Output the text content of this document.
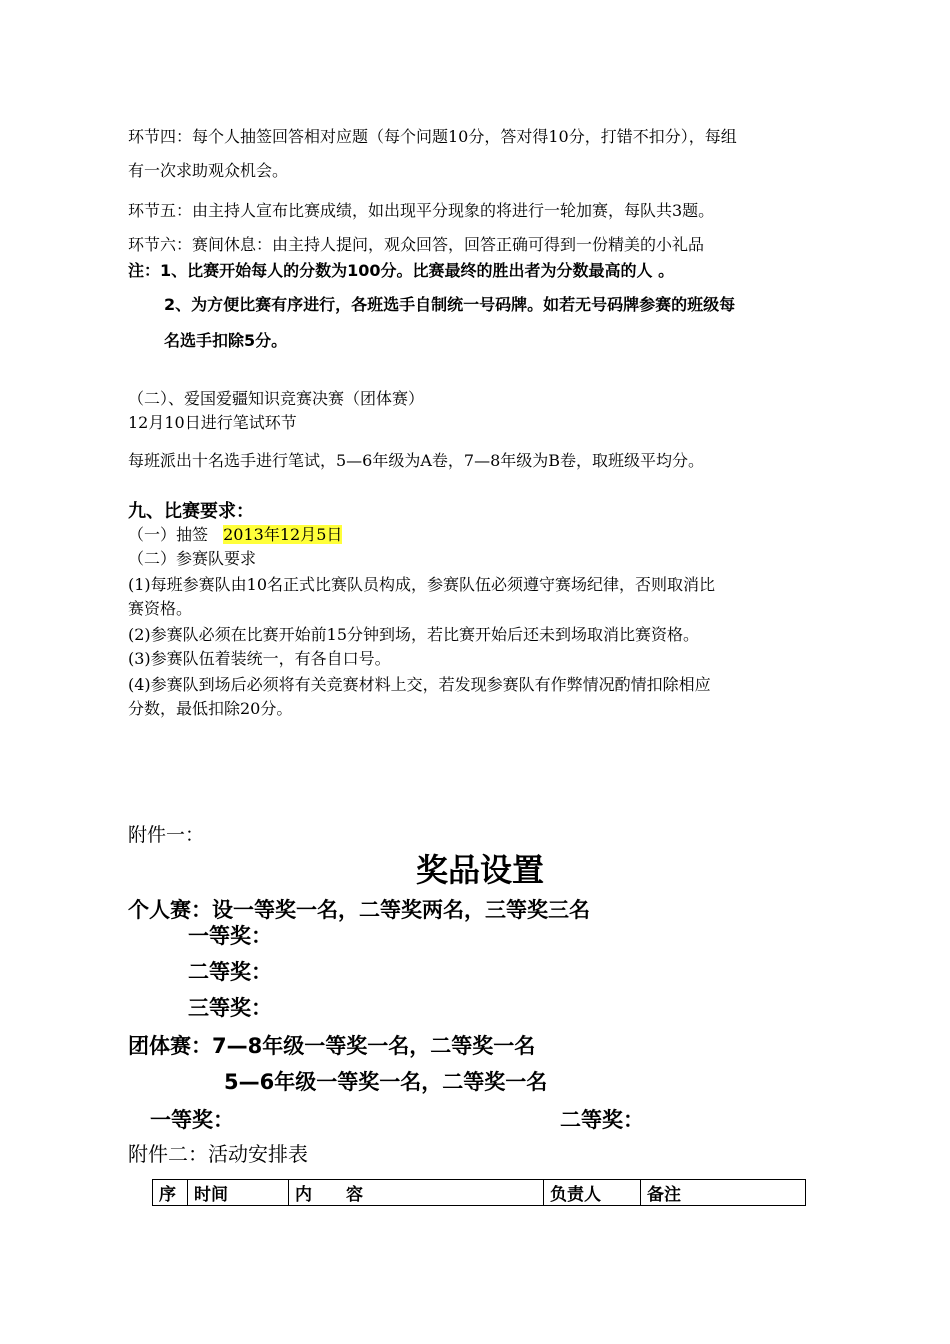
环节四：每个人抽签回答相对应题（每个问题10分，答对得10分，打错不扣分），每组
有一次求助观众机会。
环节五：由主持人宣布比赛成绩，如出现平分现象的将进行一轮加赛，每队共3题。
环节六：赛间休息：由主持人提问，观众回答，回答正确可得到一份精美的小礼品
注：1、比赛开始每人的分数为100分。比赛最终的胜出者为分数最高的人 。
2、为方便比赛有序进行，各班选手自制统一号码牌。如若无号码牌参赛的班级每
名选手扣除5分。
（二）、爱国爱疆知识竞赛决赛（团体赛）
12月10日进行笔试环节
每班派出十名选手进行笔试，5—6年级为A卷，7—8年级为B卷，取班级平均分。
九、比赛要求：
（一）抽签 2013年12月5日
（二）参赛队要求
(1)每班参赛队由10名正式比赛队员构成，参赛队伍必须遵守赛场纪律，否则取消比
赛资格。
(2)参赛队必须在比赛开始前15分钟到场，若比赛开始后还未到场取消比赛资格。
(3)参赛队伍着装统一，有各自口号。
(4)参赛队到场后必须将有关竞赛材料上交，若发现参赛队有作弊情况酌情扣除相应
分数，最低扣除20分。
附件一：
奖品设置
个人赛：设一等奖一名，二等奖两名，三等奖三名
一等奖：
二等奖：
三等奖：
团体赛：7—8年级一等奖一名，二等奖一名
5—6年级一等奖一名，二等奖一名
一等奖：	二等奖：
附件二：活动安排表
序	时间	内　　容	负责人	备注
